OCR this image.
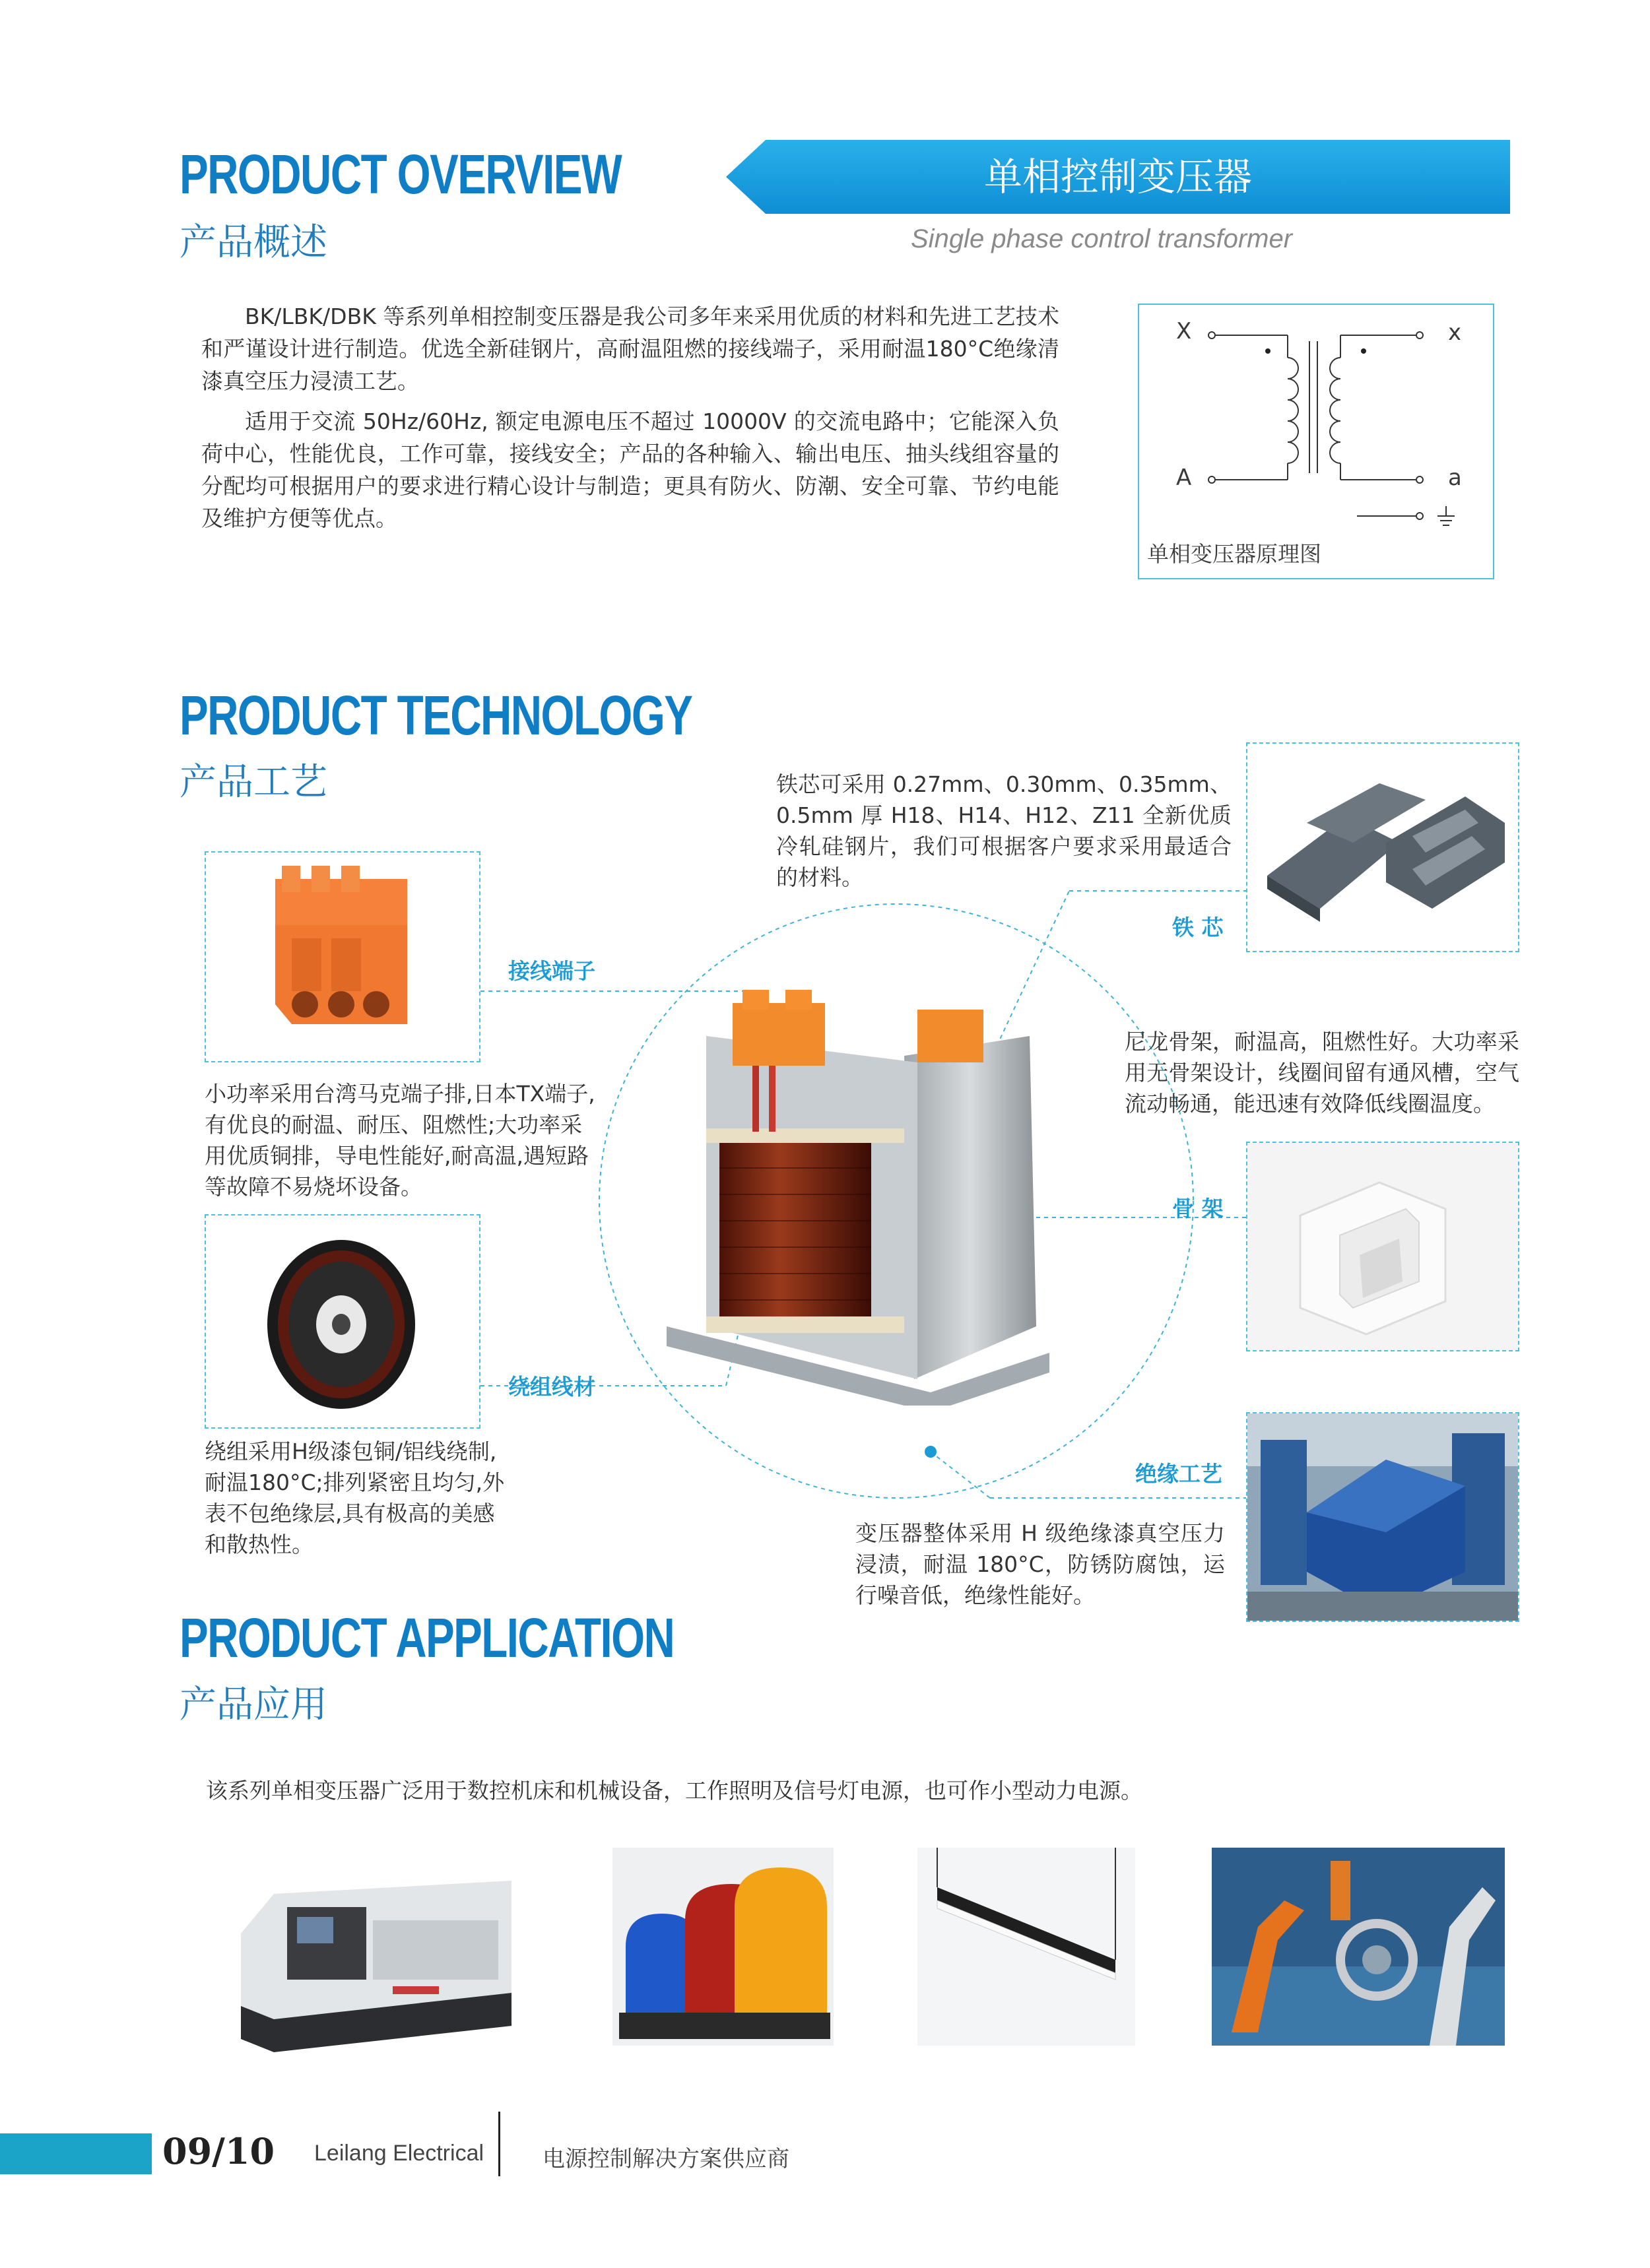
PRODUCT OVERVIEW
产品概述
单相控制变压器
Single phase control transformer

BK/LBK/DBK 等系列单相控制变压器是我公司多年来采用优质的材料和先进工艺技术和严谨设计进行制造。优选全新硅钢片，高耐温阻燃的接线端子，采用耐温180°C绝缘清漆真空压力浸渍工艺。

适用于交流 50Hz/60Hz, 额定电源电压不超过 10000V 的交流电路中；它能深入负荷中心，性能优良，工作可靠，接线安全；产品的各种输入、输出电压、抽头线组容量的分配均可根据用户的要求进行精心设计与制造；更具有防火、防潮、安全可靠、节约电能及维护方便等优点。

X	x
A	a
单相变压器原理图
PRODUCT TECHNOLOGY
产品工艺
接线端子
小功率采用台湾马克端子排,日本TX端子,有优良的耐温、耐压、阻燃性;大功率采用优质铜排，导电性能好,耐高温,遇短路等故障不易烧坏设备。
绕组线材
绕组采用H级漆包铜/铝线绕制,耐温180°C;排列紧密且均匀,外表不包绝缘层,具有极高的美感和散热性。
铁芯可采用 0.27mm、0.30mm、0.35mm、0.5mm 厚 H18、H14、H12、Z11 全新优质冷轧硅钢片，我们可根据客户要求采用最适合的材料。
铁 芯
尼龙骨架，耐温高，阻燃性好。大功率采用无骨架设计，线圈间留有通风槽，空气流动畅通，能迅速有效降低线圈温度。
骨 架
绝缘工艺
变压器整体采用 H 级绝缘漆真空压力浸渍，耐温 180°C，防锈防腐蚀，运行噪音低，绝缘性能好。
PRODUCT APPLICATION
产品应用
该系列单相变压器广泛用于数控机床和机械设备，工作照明及信号灯电源，也可作小型动力电源。
09/10 Leilang Electrical	电源控制解决方案供应商
